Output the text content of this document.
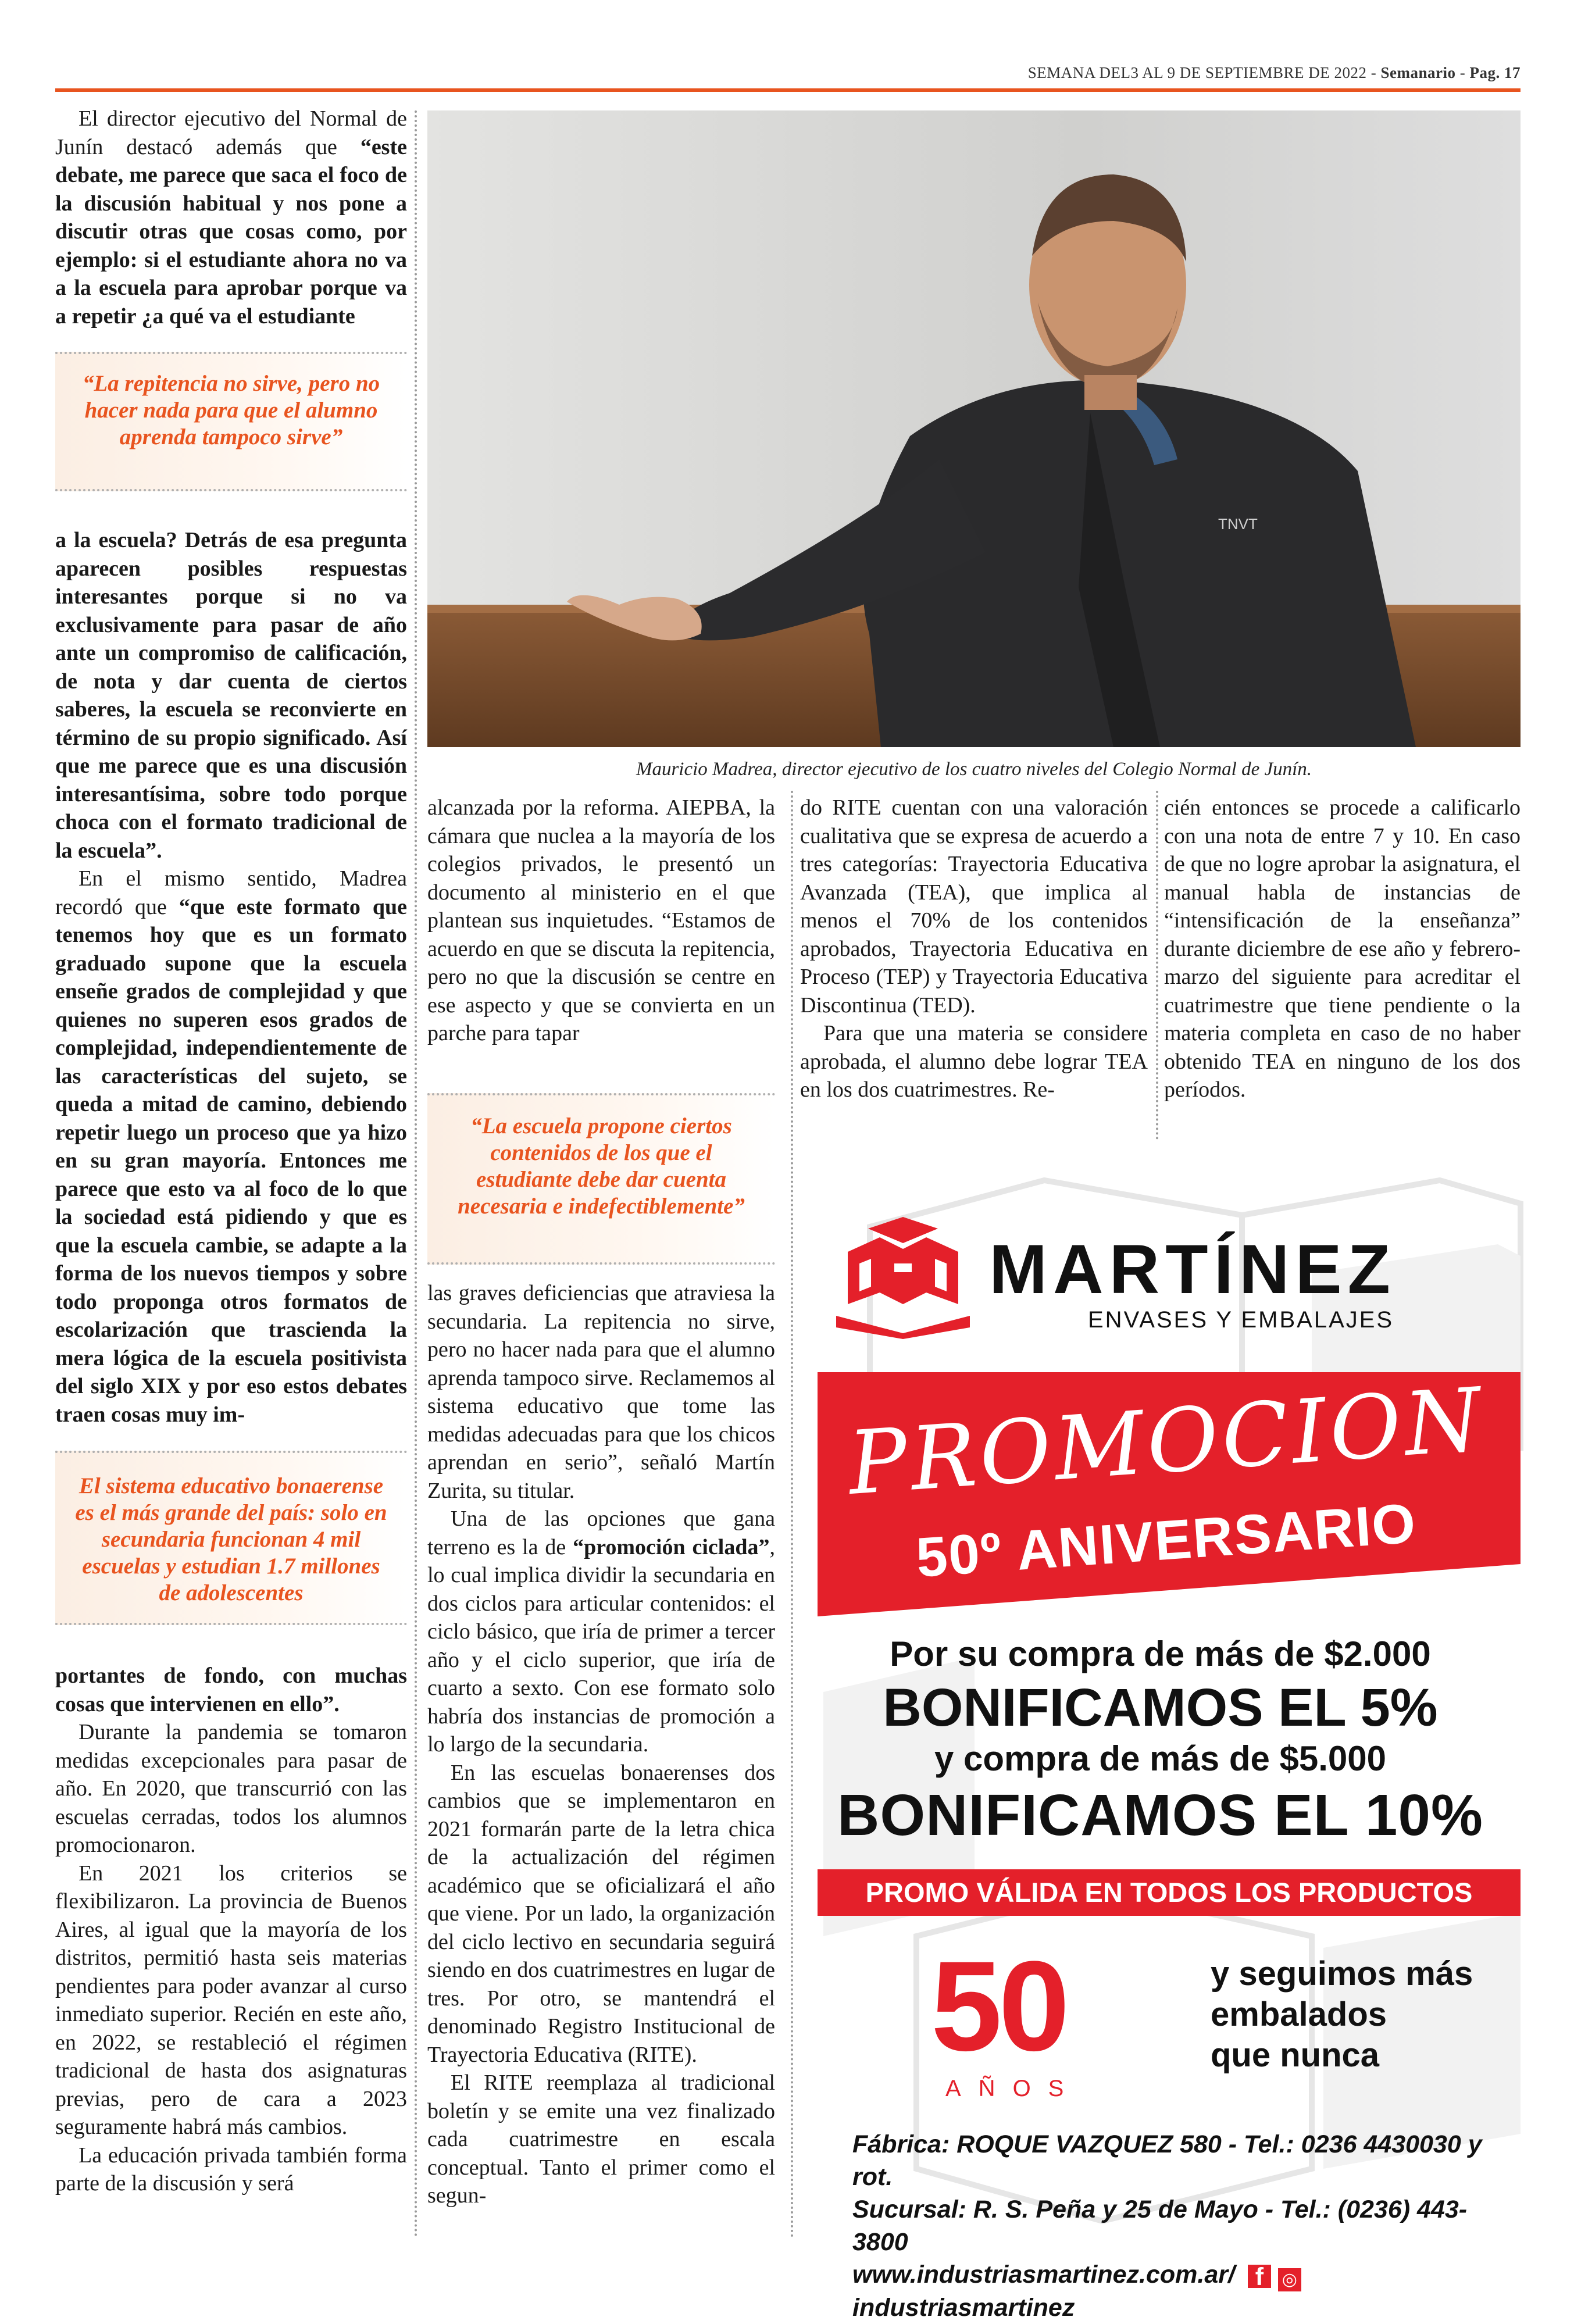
SEMANA DEL3 AL 9 DE SEPTIEMBRE DE 2022 - Semanario - Pag. 17

El director ejecutivo del Normal de Junín destacó además que “este debate, me parece que saca el foco de la discusión habitual y nos pone a discutir otras que cosas como, por ejemplo: si el estudiante ahora no va a la escuela para aprobar porque va a repetir ¿a qué va el estudiante

“La repitencia no sirve, pero no hacer nada para que el alumno aprenda tampoco sirve”

a la escuela? Detrás de esa pregunta aparecen posibles respuestas interesantes porque si no va exclusivamente para pasar de año ante un compromiso de calificación, de nota y dar cuenta de ciertos saberes, la escuela se reconvierte en término de su propio significado. Así que me parece que es una discusión interesantísima, sobre todo porque choca con el formato tradicional de la escuela”.

En el mismo sentido, Madrea recordó que “que este formato que tenemos hoy que es un formato graduado supone que la escuela enseñe grados de complejidad y que quienes no superen esos grados de complejidad, independientemente de las características del sujeto, se queda a mitad de camino, debiendo repetir luego un proceso que ya hizo en su gran mayoría. Entonces me parece que esto va al foco de lo que la sociedad está pidiendo y que es que la escuela cambie, se adapte a la forma de los nuevos tiempos y sobre todo proponga otros formatos de escolarización que trascienda la mera lógica de la escuela positivista del siglo XIX y por eso estos debates traen cosas muy im-

El sistema educativo bonaerense es el más grande del país: solo en secundaria funcionan 4 mil escuelas y estudian 1.7 millones de adolescentes

portantes de fondo, con muchas cosas que intervienen en ello”.

Durante la pandemia se tomaron medidas excepcionales para pasar de año. En 2020, que transcurrió con las escuelas cerradas, todos los alumnos promocionaron.

En 2021 los criterios se flexibilizaron. La provincia de Buenos Aires, al igual que la mayoría de los distritos, permitió hasta seis materias pendientes para poder avanzar al curso inmediato superior. Recién en este año, en 2022, se restableció el régimen tradicional de hasta dos asignaturas previas, pero de cara a 2023 seguramente habrá más cambios.

La educación privada también forma parte de la discusión y será

TNVT
Mauricio Madrea, director ejecutivo de los cuatro niveles del Colegio Normal de Junín.

alcanzada por la reforma. AIEPBA, la cámara que nuclea a la mayoría de los colegios privados, le presentó un documento al ministerio en el que plantean sus inquietudes. “Estamos de acuerdo en que se discuta la repitencia, pero no que la discusión se centre en ese aspecto y que se convierta en un parche para tapar

“La escuela propone ciertos contenidos de los que el estudiante debe dar cuenta necesaria e indefectiblemente”

las graves deficiencias que atraviesa la secundaria. La repitencia no sirve, pero no hacer nada para que el alumno aprenda tampoco sirve. Reclamemos al sistema educativo que tome las medidas adecuadas para que los chicos aprendan en serio”, señaló Martín Zurita, su titular.

Una de las opciones que gana terreno es la de “promoción ciclada”, lo cual implica dividir la secundaria en dos ciclos para articular contenidos: el ciclo básico, que iría de primer a tercer año y el ciclo superior, que iría de cuarto a sexto. Con ese formato solo habría dos instancias de promoción a lo largo de la secundaria.

En las escuelas bonaerenses dos cambios que se implementaron en 2021 formarán parte de la letra chica de la actualización del régimen académico que se oficializará el año que viene. Por un lado, la organización del ciclo lectivo en secundaria seguirá siendo en dos cuatrimestres en lugar de tres. Por otro, se mantendrá el denominado Registro Institucional de Trayectoria Educativa (RITE).

El RITE reemplaza al tradicional boletín y se emite una vez finalizado cada cuatrimestre en escala conceptual. Tanto el primer como el segun-

do RITE cuentan con una valoración cualitativa que se expresa de acuerdo a tres categorías: Trayectoria Educativa Avanzada (TEA), que implica al menos el 70% de los contenidos aprobados, Trayectoria Educativa en Proceso (TEP) y Trayectoria Educativa Discontinua (TED).

Para que una materia se considere aprobada, el alumno debe lograr TEA en los dos cuatrimestres. Re-

cién entonces se procede a calificarlo con una nota de entre 7 y 10. En caso de que no logre aprobar la asignatura, el manual habla de instancias de “intensificación de la enseñanza” durante diciembre de ese año y febrero-marzo del siguiente para acreditar el cuatrimestre que tiene pendiente o la materia completa en caso de no haber obtenido TEA en ninguno de los dos períodos.

MARTÍNEZ
ENVASES Y EMBALAJES
PROMOCION
50º ANIVERSARIO
Por su compra de más de $2.000
BONIFICAMOS EL 5%
y compra de más de $5.000
BONIFICAMOS EL 10%
PROMO VÁLIDA EN TODOS LOS PRODUCTOS
50
AÑOS
y seguimos más
embalados
que nunca
Fábrica: ROQUE VAZQUEZ 580 - Tel.: 0236 4430030 y rot.
Sucursal: R. S. Peña y 25 de Mayo - Tel.: (0236) 443-3800
www.industriasmartinez.com.ar/ f ◎ industriasmartinez
